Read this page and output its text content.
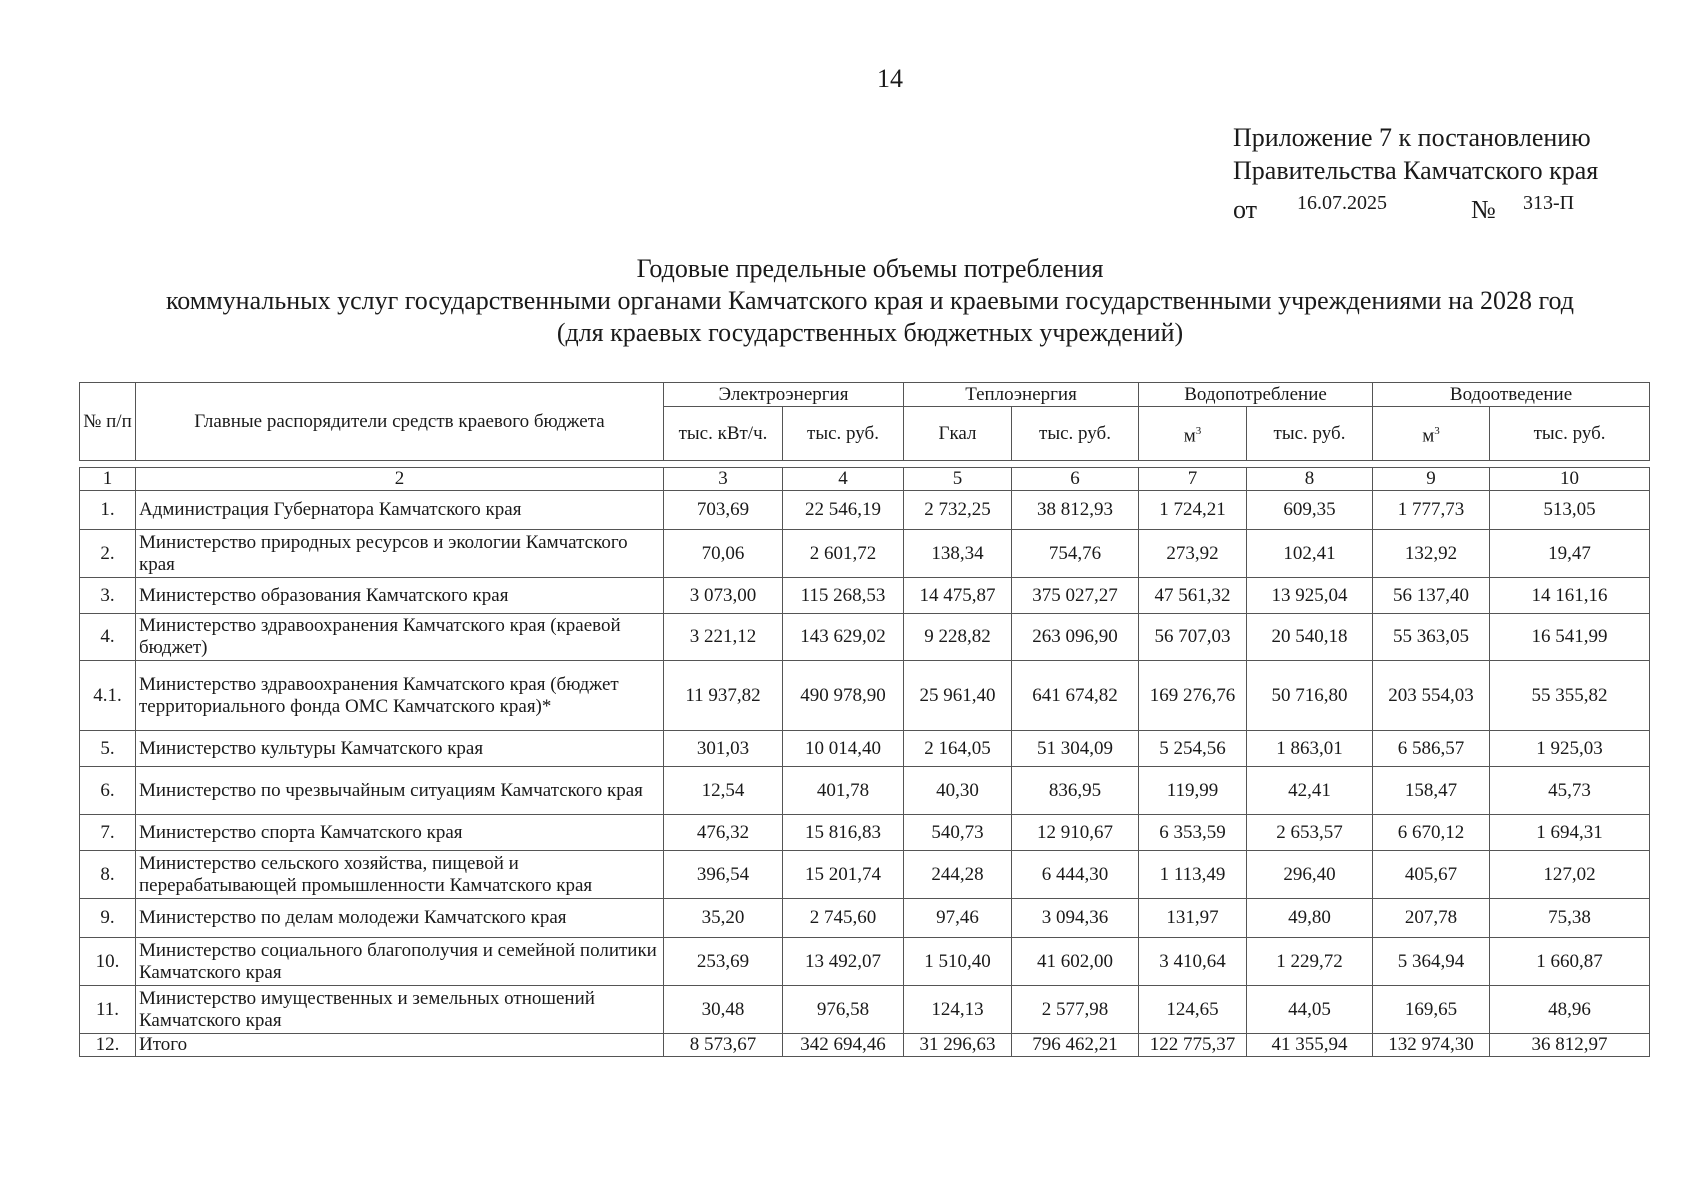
14
Приложение 7 к постановлению
Правительства Камчатского края
от 16.07.2025	№ 313-П
Годовые предельные объемы потребления
коммунальных услуг государственными органами Камчатского края и краевыми государственными учреждениями на 2028 год
(для краевых государственных бюджетных учреждений)
№ п/п	Главные распорядители средств краевого бюджета	Электроэнергия		Теплоэнергия		Водопотребление		Водоотведение	
		тыс. кВт/ч.	тыс. руб.	Гкал	тыс. руб.	$м^3$	тыс. руб.	$м^3$	тыс. руб.

1	2	3	4	5	6	7	8	9	10
1.	Администрация Губернатора Камчатского края	703,69	22 546,19	2 732,25	38 812,93	1 724,21	609,35	1 777,73	513,05
2.	Министерство природных ресурсов и экологии Камчатского края	70,06	2 601,72	138,34	754,76	273,92	102,41	132,92	19,47
3.	Министерство образования Камчатского края	3 073,00	115 268,53	14 475,87	375 027,27	47 561,32	13 925,04	56 137,40	14 161,16
4.	Министерство здравоохранения Камчатского края (краевой бюджет)	3 221,12	143 629,02	9 228,82	263 096,90	56 707,03	20 540,18	55 363,05	16 541,99
4.1.	Министерство здравоохранения Камчатского края (бюджет территориального фонда ОМС Камчатского края)*	11 937,82	490 978,90	25 961,40	641 674,82	169 276,76	50 716,80	203 554,03	55 355,82
5.	Министерство культуры Камчатского края	301,03	10 014,40	2 164,05	51 304,09	5 254,56	1 863,01	6 586,57	1 925,03
6.	Министерство по чрезвычайным ситуациям Камчатского края	12,54	401,78	40,30	836,95	119,99	42,41	158,47	45,73
7.	Министерство спорта Камчатского края	476,32	15 816,83	540,73	12 910,67	6 353,59	2 653,57	6 670,12	1 694,31
8.	Министерство сельского хозяйства, пищевой и перерабатывающей промышленности Камчатского края	396,54	15 201,74	244,28	6 444,30	1 113,49	296,40	405,67	127,02
9.	Министерство по делам молодежи Камчатского края	35,20	2 745,60	97,46	3 094,36	131,97	49,80	207,78	75,38
10.	Министерство социального благополучия и семейной политики Камчатского края	253,69	13 492,07	1 510,40	41 602,00	3 410,64	1 229,72	5 364,94	1 660,87
11.	Министерство имущественных и земельных отношений Камчатского края	30,48	976,58	124,13	2 577,98	124,65	44,05	169,65	48,96
12.	Итого	8 573,67	342 694,46	31 296,63	796 462,21	122 775,37	41 355,94	132 974,30	36 812,97
